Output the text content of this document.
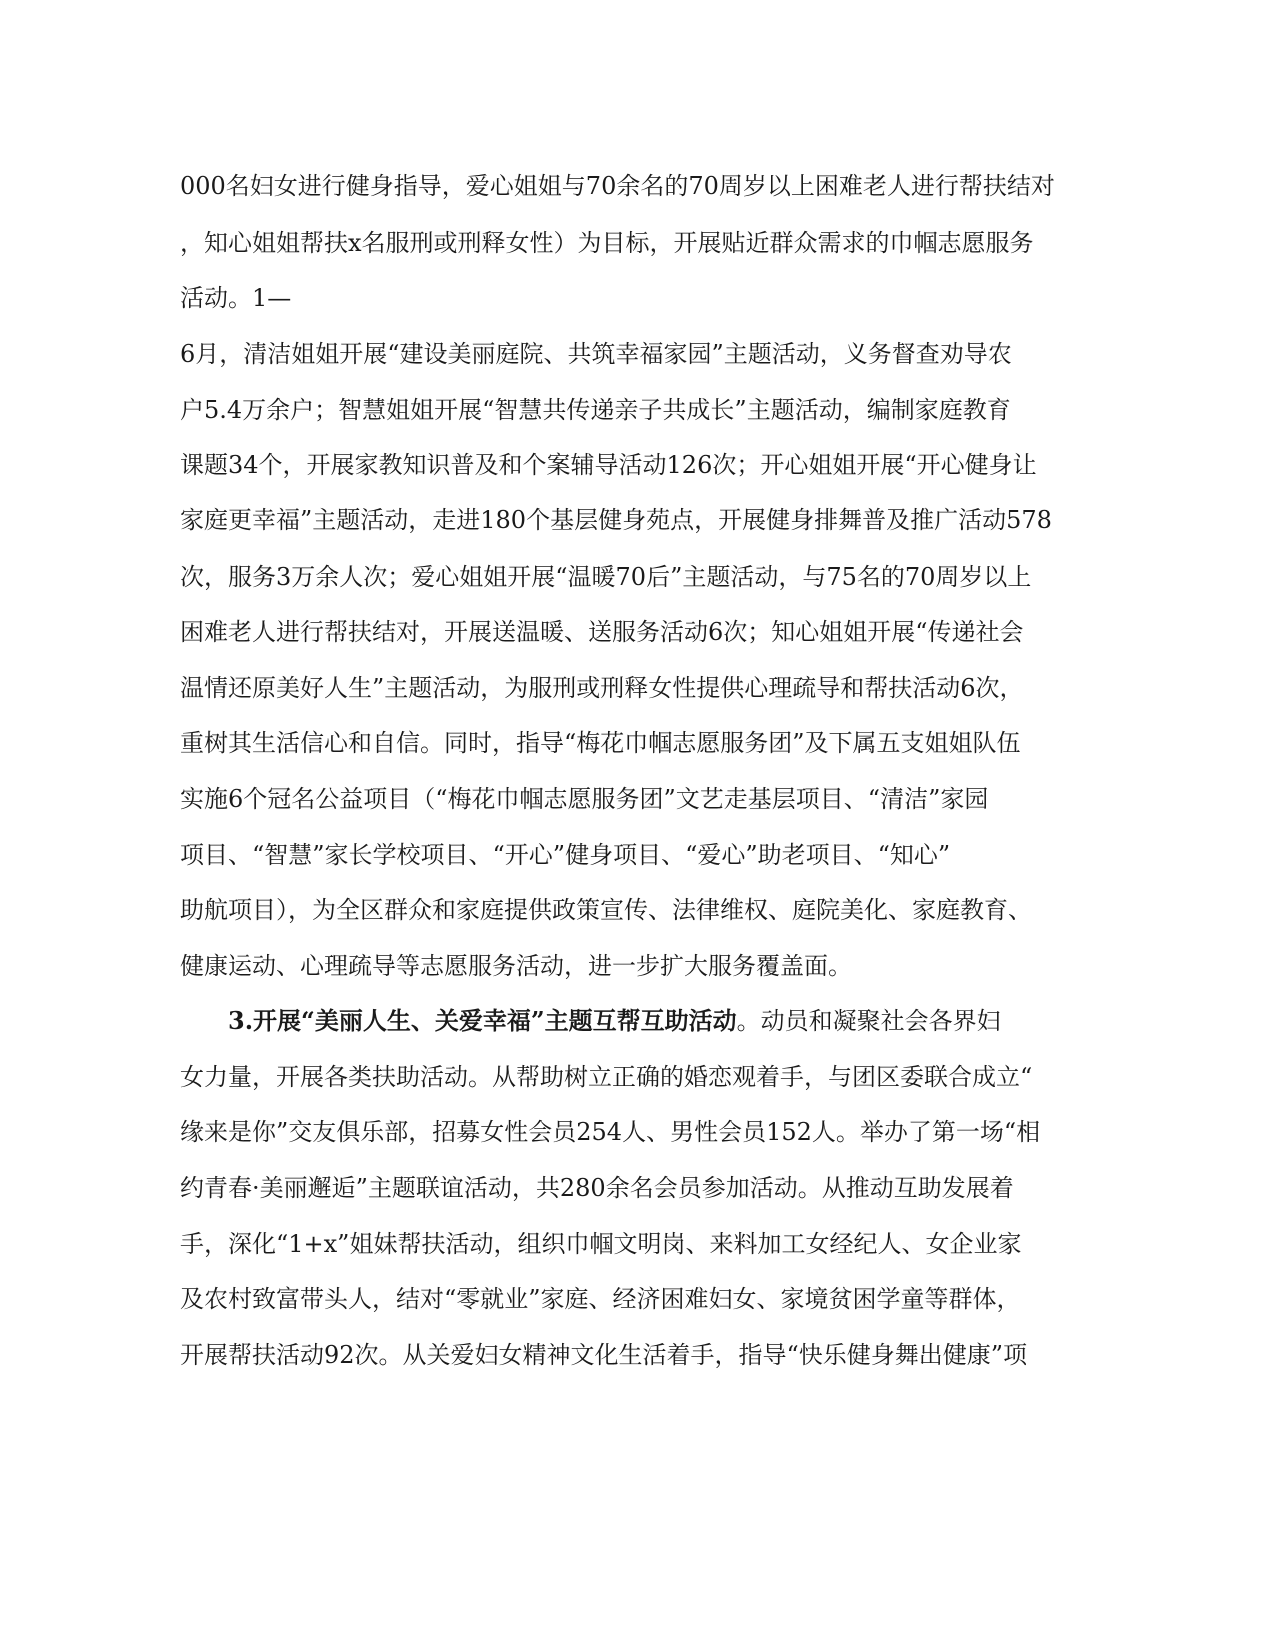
000名妇女进行健身指导，爱心姐姐与70余名的70周岁以上困难老人进行帮扶结对
，知心姐姐帮扶x名服刑或刑释女性）为目标，开展贴近群众需求的巾帼志愿服务
活动。1—
6月，清洁姐姐开展“建设美丽庭院、共筑幸福家园”主题活动，义务督查劝导农
户5.4万余户；智慧姐姐开展“智慧共传递亲子共成长”主题活动，编制家庭教育
课题34个，开展家教知识普及和个案辅导活动126次；开心姐姐开展“开心健身让
家庭更幸福”主题活动，走进180个基层健身苑点，开展健身排舞普及推广活动578
次，服务3万余人次；爱心姐姐开展“温暖70后”主题活动，与75名的70周岁以上
困难老人进行帮扶结对，开展送温暖、送服务活动6次；知心姐姐开展“传递社会
温情还原美好人生”主题活动，为服刑或刑释女性提供心理疏导和帮扶活动6次，
重树其生活信心和自信。同时，指导“梅花巾帼志愿服务团”及下属五支姐姐队伍
实施6个冠名公益项目（“梅花巾帼志愿服务团”文艺走基层项目、“清洁”家园
项目、“智慧”家长学校项目、“开心”健身项目、“爱心”助老项目、“知心”
助航项目），为全区群众和家庭提供政策宣传、法律维权、庭院美化、家庭教育、
健康运动、心理疏导等志愿服务活动，进一步扩大服务覆盖面。
3.开展“美丽人生、关爱幸福”主题互帮互助活动。动员和凝聚社会各界妇
女力量，开展各类扶助活动。从帮助树立正确的婚恋观着手，与团区委联合成立“
缘来是你”交友俱乐部，招募女性会员254人、男性会员152人。举办了第一场“相
约青春·美丽邂逅”主题联谊活动，共280余名会员参加活动。从推动互助发展着
手，深化“1+x”姐妹帮扶活动，组织巾帼文明岗、来料加工女经纪人、女企业家
及农村致富带头人，结对“零就业”家庭、经济困难妇女、家境贫困学童等群体，
开展帮扶活动92次。从关爱妇女精神文化生活着手，指导“快乐健身舞出健康”项
